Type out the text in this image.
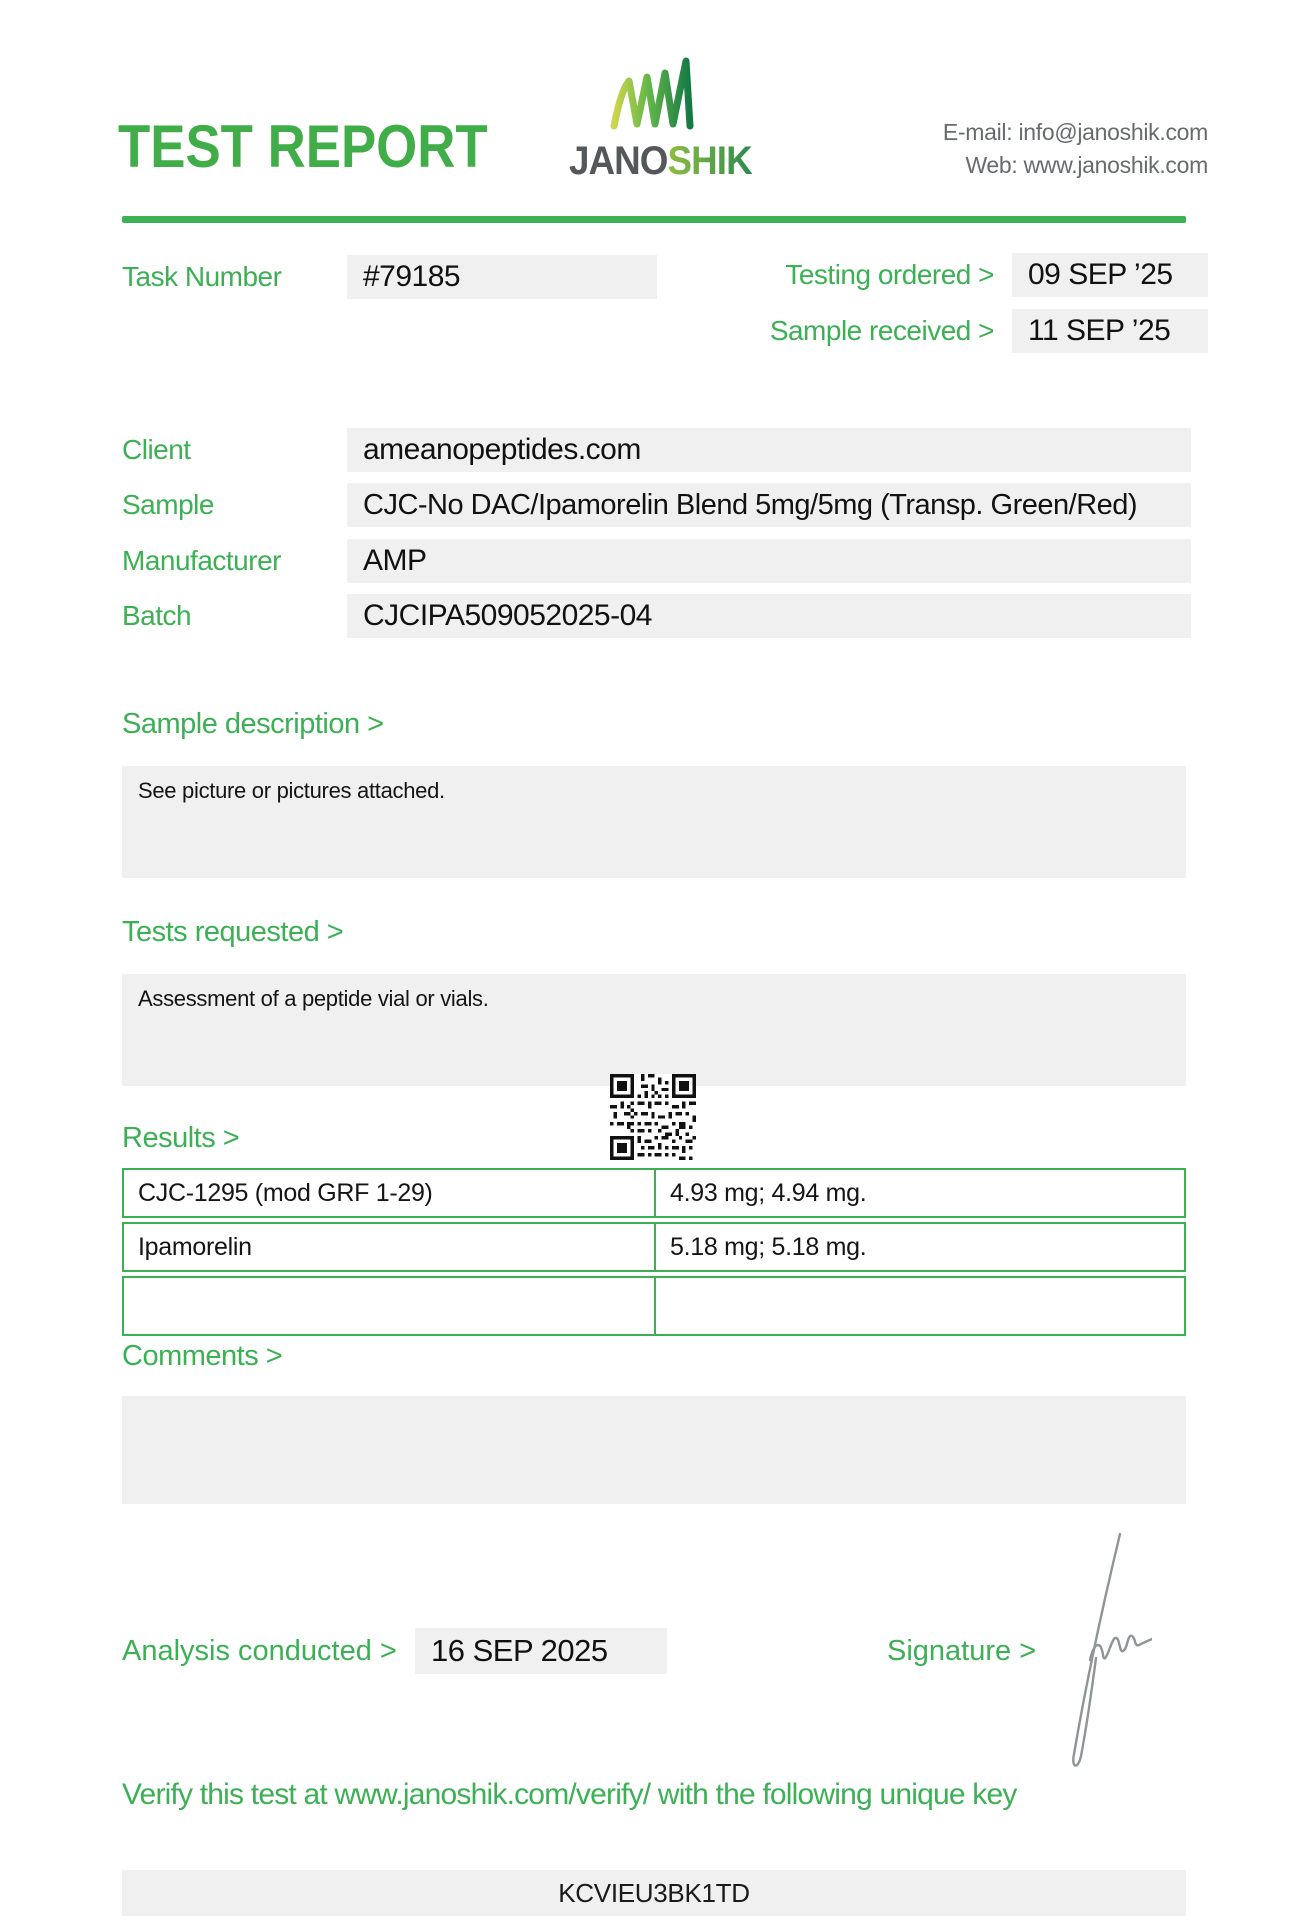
TEST REPORT JANOSHIK
E-mail: info@janoshik.com
Web: www.janoshik.com
Task Number	#79185	Testing ordered >	09 SEP ’25
Sample received >	11 SEP ’25
Client	ameanopeptides.com
Sample	CJC-No DAC/Ipamorelin Blend 5mg/5mg (Transp. Green/Red)
Manufacturer	AMP
Batch	CJCIPA509052025-04
Sample description >
See picture or pictures attached.
Tests requested >
Assessment of a peptide vial or vials.
Results >
CJC-1295 (mod GRF 1-29)	4.93 mg; 4.94 mg.
Ipamorelin	5.18 mg; 5.18 mg.
Comments >
Analysis conducted >	16 SEP 2025	Signature >
Verify this test at www.janoshik.com/verify/ with the following unique key
KCVIEU3BK1TD
